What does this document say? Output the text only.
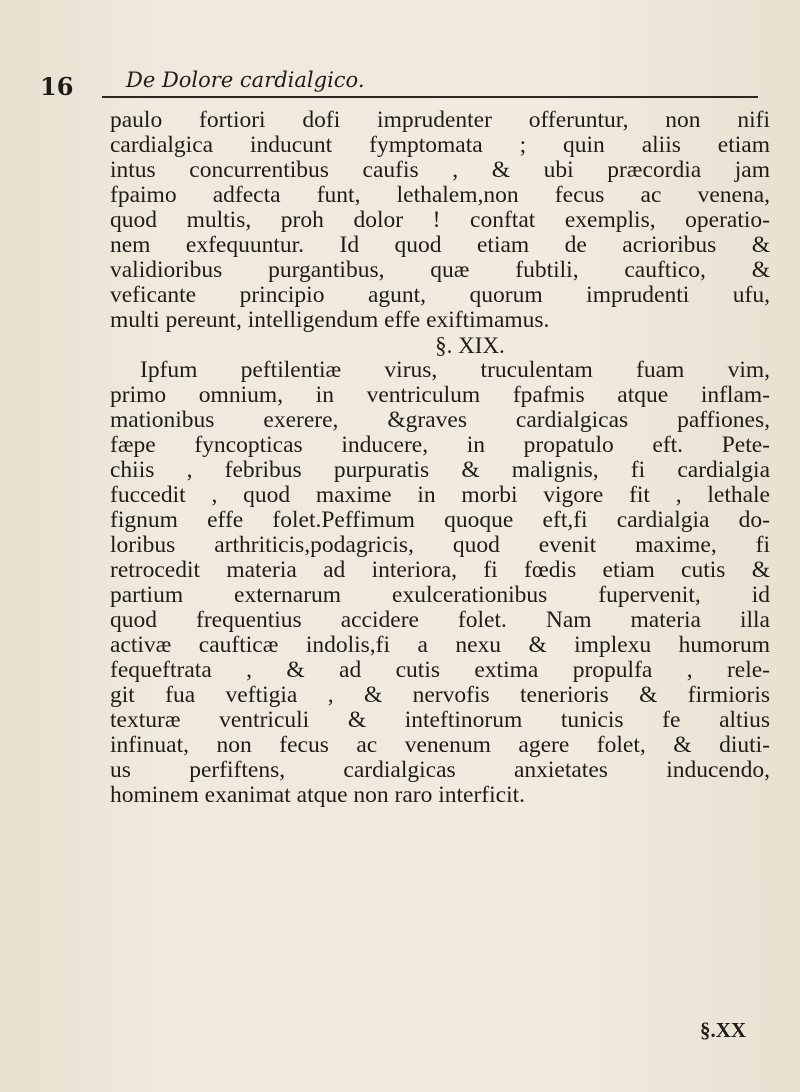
16	De Dolore cardialgico.
paulo fortiori dofi imprudenter offeruntur, non nifi
cardialgica inducunt fymptomata ; quin aliis etiam
intus concurrentibus caufis , & ubi præcordia jam
fpaimo adfecta funt, lethalem,non fecus ac venena,
quod multis, proh dolor ! conftat exemplis, operatio-
nem exfequuntur. Id quod etiam de acrioribus &
validioribus purgantibus, quæ fubtili, cauftico, &
veficante principio agunt, quorum imprudenti ufu,
multi pereunt, intelligendum effe exiftimamus.
§. XIX.
Ipfum peftilentiæ virus, truculentam fuam vim,
primo omnium, in ventriculum fpafmis atque inflam-
mationibus exerere, &graves cardialgicas paffiones,
fæpe fyncopticas inducere, in propatulo eft. Pete-
chiis , febribus purpuratis & malignis, fi cardialgia
fuccedit , quod maxime in morbi vigore fit , lethale
fignum effe folet.Peffimum quoque eft,fi cardialgia do-
loribus arthriticis,podagricis, quod evenit maxime, fi
retrocedit materia ad interiora, fi fœdis etiam cutis &
partium externarum exulcerationibus fupervenit, id
quod frequentius accidere folet. Nam materia illa
activæ caufticæ indolis,fi a nexu & implexu humorum
fequeftrata , & ad cutis extima propulfa , rele-
git fua veftigia , & nervofis tenerioris & firmioris
texturæ ventriculi & inteftinorum tunicis fe altius
infinuat, non fecus ac venenum agere folet, & diuti-
us perfiftens, cardialgicas anxietates inducendo,
hominem exanimat atque non raro interficit.
§.XX
